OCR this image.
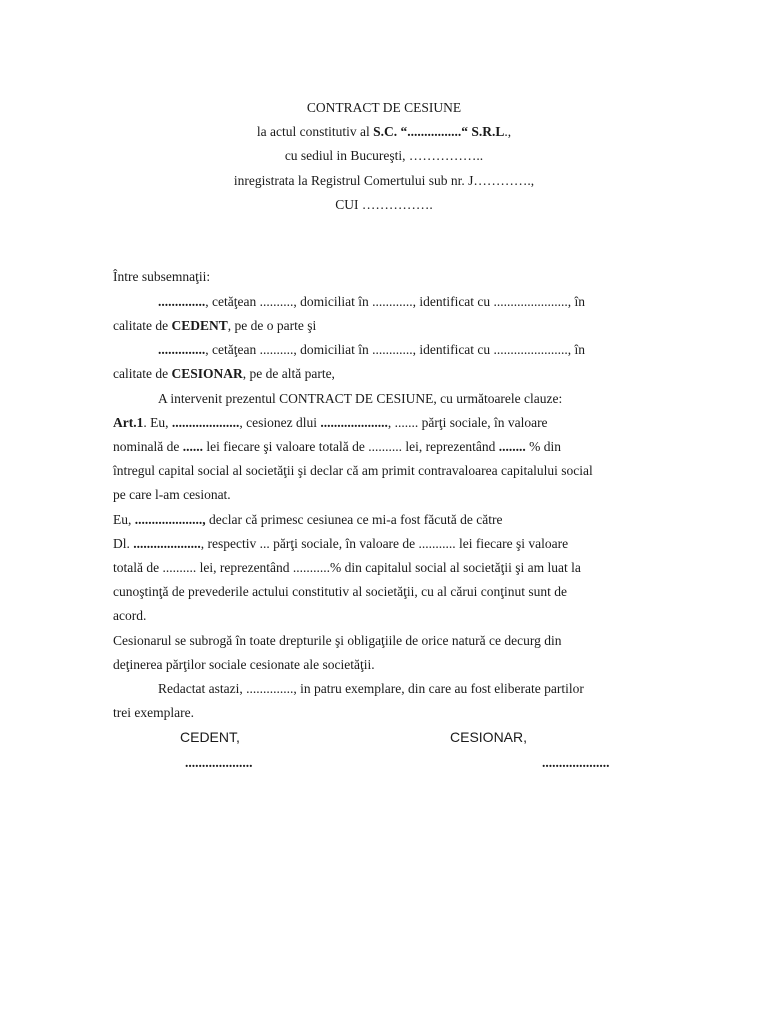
CONTRACT DE CESIUNE
la actul constitutiv al S.C. “................“ S.R.L.,
cu sediul in Bucureşti, ……………..
inregistrata la Registrul Comertului sub nr. J………….,
CUI …………….
Între subsemnaţii:
.............., cetăţean .........., domiciliat în ............, identificat cu ......................, în
calitate de CEDENT, pe de o parte şi
.............., cetăţean .........., domiciliat în ............, identificat cu ......................, în
calitate de CESIONAR, pe de altă parte,
A intervenit prezentul CONTRACT DE CESIUNE, cu următoarele clauze:
Art.1. Eu, ...................., cesionez dlui ...................., ....... părţi sociale, în valoare
nominală de ...... lei fiecare şi valoare totală de .......... lei, reprezentând ........ % din
întregul capital social al societăţii şi declar că am primit contravaloarea capitalului social
pe care l-am cesionat.
Eu, ...................., declar că primesc cesiunea ce mi-a fost făcută de către
Dl. ...................., respectiv ... părţi sociale, în valoare de ........... lei fiecare şi valoare
totală de .......... lei, reprezentând ...........% din capitalul social al societăţii şi am luat la
cunoştinţă de prevederile actului constitutiv al societăţii, cu al cărui conţinut sunt de
acord.
Cesionarul se subrogă în toate drepturile şi obligaţiile de orice natură ce decurg din
deţinerea părţilor sociale cesionate ale societăţii.
Redactat astazi, .............., in patru exemplare, din care au fost eliberate partilor
trei exemplare.
CEDENT,	CESIONAR,
....................	....................
